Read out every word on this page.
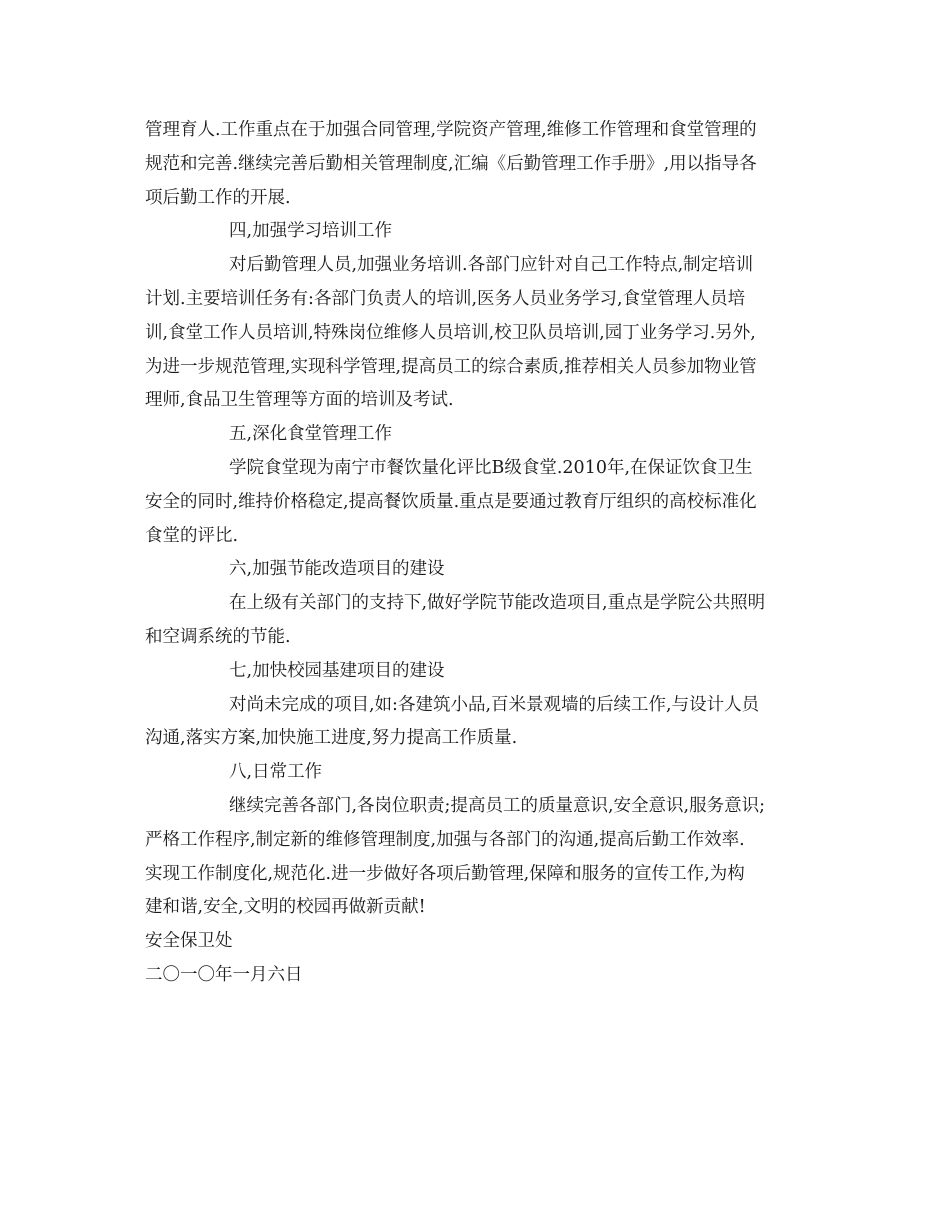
管理育人.工作重点在于加强合同管理,学院资产管理,维修工作管理和食堂管理的
规范和完善.继续完善后勤相关管理制度,汇编《后勤管理工作手册》,用以指导各
项后勤工作的开展.
四,加强学习培训工作
对后勤管理人员,加强业务培训.各部门应针对自己工作特点,制定培训
计划.主要培训任务有:各部门负责人的培训,医务人员业务学习,食堂管理人员培
训,食堂工作人员培训,特殊岗位维修人员培训,校卫队员培训,园丁业务学习.另外,
为进一步规范管理,实现科学管理,提高员工的综合素质,推荐相关人员参加物业管
理师,食品卫生管理等方面的培训及考试.
五,深化食堂管理工作
学院食堂现为南宁市餐饮量化评比B级食堂.2010年,在保证饮食卫生
安全的同时,维持价格稳定,提高餐饮质量.重点是要通过教育厅组织的高校标准化
食堂的评比.
六,加强节能改造项目的建设
在上级有关部门的支持下,做好学院节能改造项目,重点是学院公共照明
和空调系统的节能.
七,加快校园基建项目的建设
对尚未完成的项目,如:各建筑小品,百米景观墙的后续工作,与设计人员
沟通,落实方案,加快施工进度,努力提高工作质量.
八,日常工作
继续完善各部门,各岗位职责;提高员工的质量意识,安全意识,服务意识;
严格工作程序,制定新的维修管理制度,加强与各部门的沟通,提高后勤工作效率.
实现工作制度化,规范化.进一步做好各项后勤管理,保障和服务的宣传工作,为构
建和谐,安全,文明的校园再做新贡献!
安全保卫处
二〇一〇年一月六日
